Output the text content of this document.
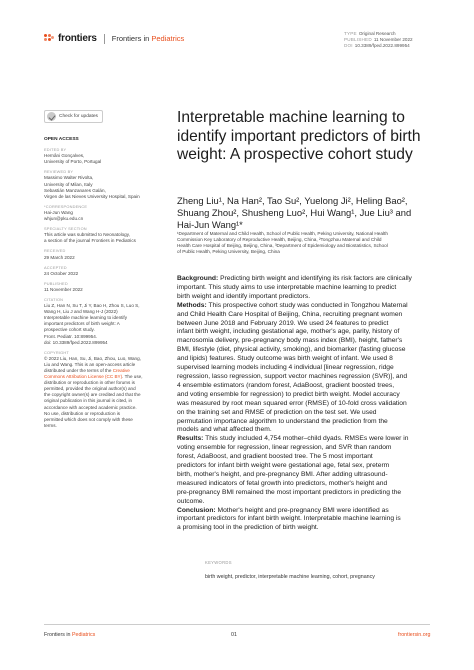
frontiers Frontiers in Pediatrics
TYPE Original Research
PUBLISHED 11 November 2022
DOI 10.3389/fped.2022.899954
Check for updates
OPEN ACCESS
EDITED BY
Hernâni Gonçalves,
University of Porto, Portugal
REVIEWED BY
Massimo Walter Rivolta,
University of Milan, Italy
Sebastián Manzanares Galán,
Virgen de las Nieves University Hospital, Spain
*CORRESPONDENCE
Hai-Jun Wang
whjun@pku.edu.cn
SPECIALTY SECTION
This article was submitted to Neonatology,
a section of the journal Frontiers in Pediatrics
RECEIVED
29 March 2022
ACCEPTED
24 October 2022
PUBLISHED
11 November 2022
CITATION
Liu Z, Han N, Su T, Ji Y, Bao H, Zhou S, Luo S,
Wang H, Liu J and Wang H-J (2022)
Interpretable machine learning to identify
important predictors of birth weight: A
prospective cohort study.
Front. Pediatr. 10:899954.
doi: 10.3389/fped.2022.899954
COPYRIGHT
© 2022 Liu, Han, Su, Ji, Bao, Zhou, Luo, Wang,
Liu and Wang. This is an open-access article
distributed under the terms of the Creative
Commons Attribution License (CC BY). The use,
distribution or reproduction in other forums is
permitted, provided the original author(s) and
the copyright owner(s) are credited and that the
original publication in this journal is cited, in
accordance with accepted academic practice.
No use, distribution or reproduction is
permitted which does not comply with these
terms.
Interpretable machine learning to identify important predictors of birth weight: A prospective cohort study
Zheng Liu¹, Na Han², Tao Su², Yuelong Ji², Heling Bao², Shuang Zhou², Shusheng Luo², Hui Wang¹, Jue Liu³ and Hai-Jun Wang¹*
¹Department of Maternal and Child Health, School of Public Health, Peking University, National Health
Commission Key Laboratory of Reproductive Health, Beijing, China, ²Tongzhou Maternal and Child
Health Care Hospital of Beijing, Beijing, China, ³Department of Epidemiology and Biostatistics, School
of Public Health, Peking University, Beijing, China
Background: Predicting birth weight and identifying its risk factors are clinically
important. This study aims to use interpretable machine learning to predict
birth weight and identify important predictors.
Methods: This prospective cohort study was conducted in Tongzhou Maternal
and Child Health Care Hospital of Beijing, China, recruiting pregnant women
between June 2018 and February 2019. We used 24 features to predict
infant birth weight, including gestational age, mother's age, parity, history of
macrosomia delivery, pre-pregnancy body mass index (BMI), height, father's
BMI, lifestyle (diet, physical activity, smoking), and biomarker (fasting glucose
and lipids) features. Study outcome was birth weight of infant. We used 8
supervised learning models including 4 individual [linear regression, ridge
regression, lasso regression, support vector machines regression (SVR)], and
4 ensemble estimators (random forest, AdaBoost, gradient boosted trees,
and voting ensemble for regression) to predict birth weight. Model accuracy
was measured by root mean squared error (RMSE) of 10-fold cross validation
on the training set and RMSE of prediction on the test set. We used
permutation importance algorithm to understand the prediction from the
models and what affected them.
Results: This study included 4,754 mother–child dyads. RMSEs were lower in
voting ensemble for regression, linear regression, and SVR than random
forest, AdaBoost, and gradient boosted tree. The 5 most important
predictors for infant birth weight were gestational age, fetal sex, preterm
birth, mother's height, and pre-pregnancy BMI. After adding ultrasound-
measured indicators of fetal growth into predictors, mother's height and
pre-pregnancy BMI remained the most important predictors in predicting the
outcome.
Conclusion: Mother's height and pre-pregnancy BMI were identified as
important predictors for infant birth weight. Interpretable machine learning is
a promising tool in the prediction of birth weight.
KEYWORDS
birth weight, predictor, interpretable machine learning, cohort, pregnancy
Frontiers in Pediatrics	01	frontiersin.org
